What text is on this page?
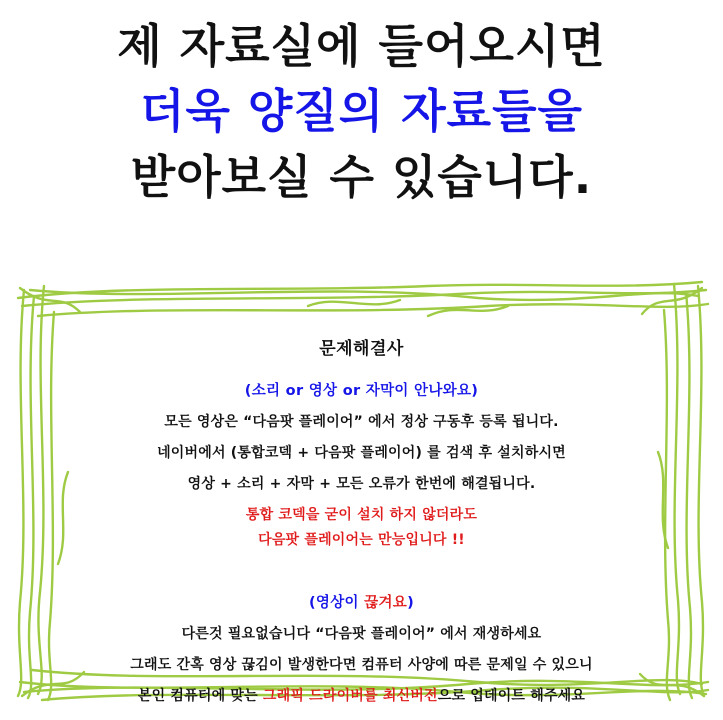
제 자료실에 들어오시면
더욱 양질의 자료들을
받아보실 수 있습니다.
문제해결사
(소리 or 영상 or 자막이 안나와요)
모든 영상은 “다음팟 플레이어” 에서 정상 구동후 등록 됩니다.
네이버에서 (통합코덱 + 다음팟 플레이어) 를 검색 후 설치하시면
영상 + 소리 + 자막 + 모든 오류가 한번에 해결됩니다.
통합 코덱을 굳이 설치 하지 않더라도
다음팟 플레이어는 만능입니다 !!
(영상이 끊겨요)
다른것 필요없습니다 “다음팟 플레이어” 에서 재생하세요
그래도 간혹 영상 끊김이 발생한다면 컴퓨터 사양에 따른 문제일 수 있으니
본인 컴퓨터에 맞는 그래픽 드라이버를 최신버전으로 업데이트 해주세요
